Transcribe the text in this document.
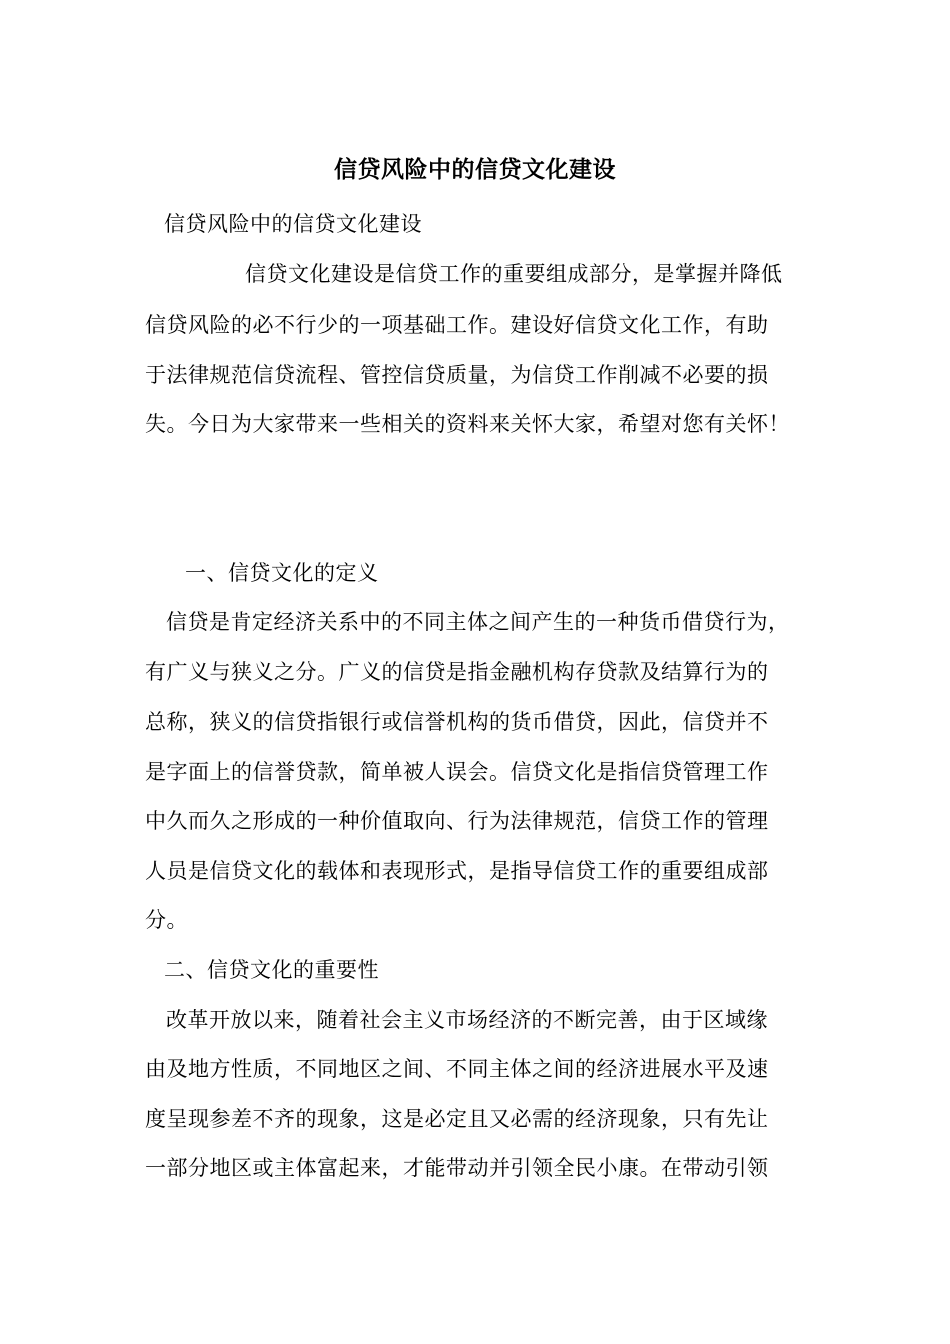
信贷风险中的信贷文化建设
信贷风险中的信贷文化建设
信贷文化建设是信贷工作的重要组成部分，是掌握并降低
信贷风险的必不行少的一项基础工作。建设好信贷文化工作，有助
于法律规范信贷流程、管控信贷质量，为信贷工作削减不必要的损
失。今日为大家带来一些相关的资料来关怀大家，希望对您有关怀！
一、信贷文化的定义
信贷是肯定经济关系中的不同主体之间产生的一种货币借贷行为，
有广义与狭义之分。广义的信贷是指金融机构存贷款及结算行为的
总称，狭义的信贷指银行或信誉机构的货币借贷，因此，信贷并不
是字面上的信誉贷款，简单被人误会。信贷文化是指信贷管理工作
中久而久之形成的一种价值取向、行为法律规范，信贷工作的管理
人员是信贷文化的载体和表现形式，是指导信贷工作的重要组成部
分。
二、信贷文化的重要性
改革开放以来，随着社会主义市场经济的不断完善，由于区域缘
由及地方性质，不同地区之间、不同主体之间的经济进展水平及速
度呈现参差不齐的现象，这是必定且又必需的经济现象，只有先让
一部分地区或主体富起来，才能带动并引领全民小康。在带动引领
